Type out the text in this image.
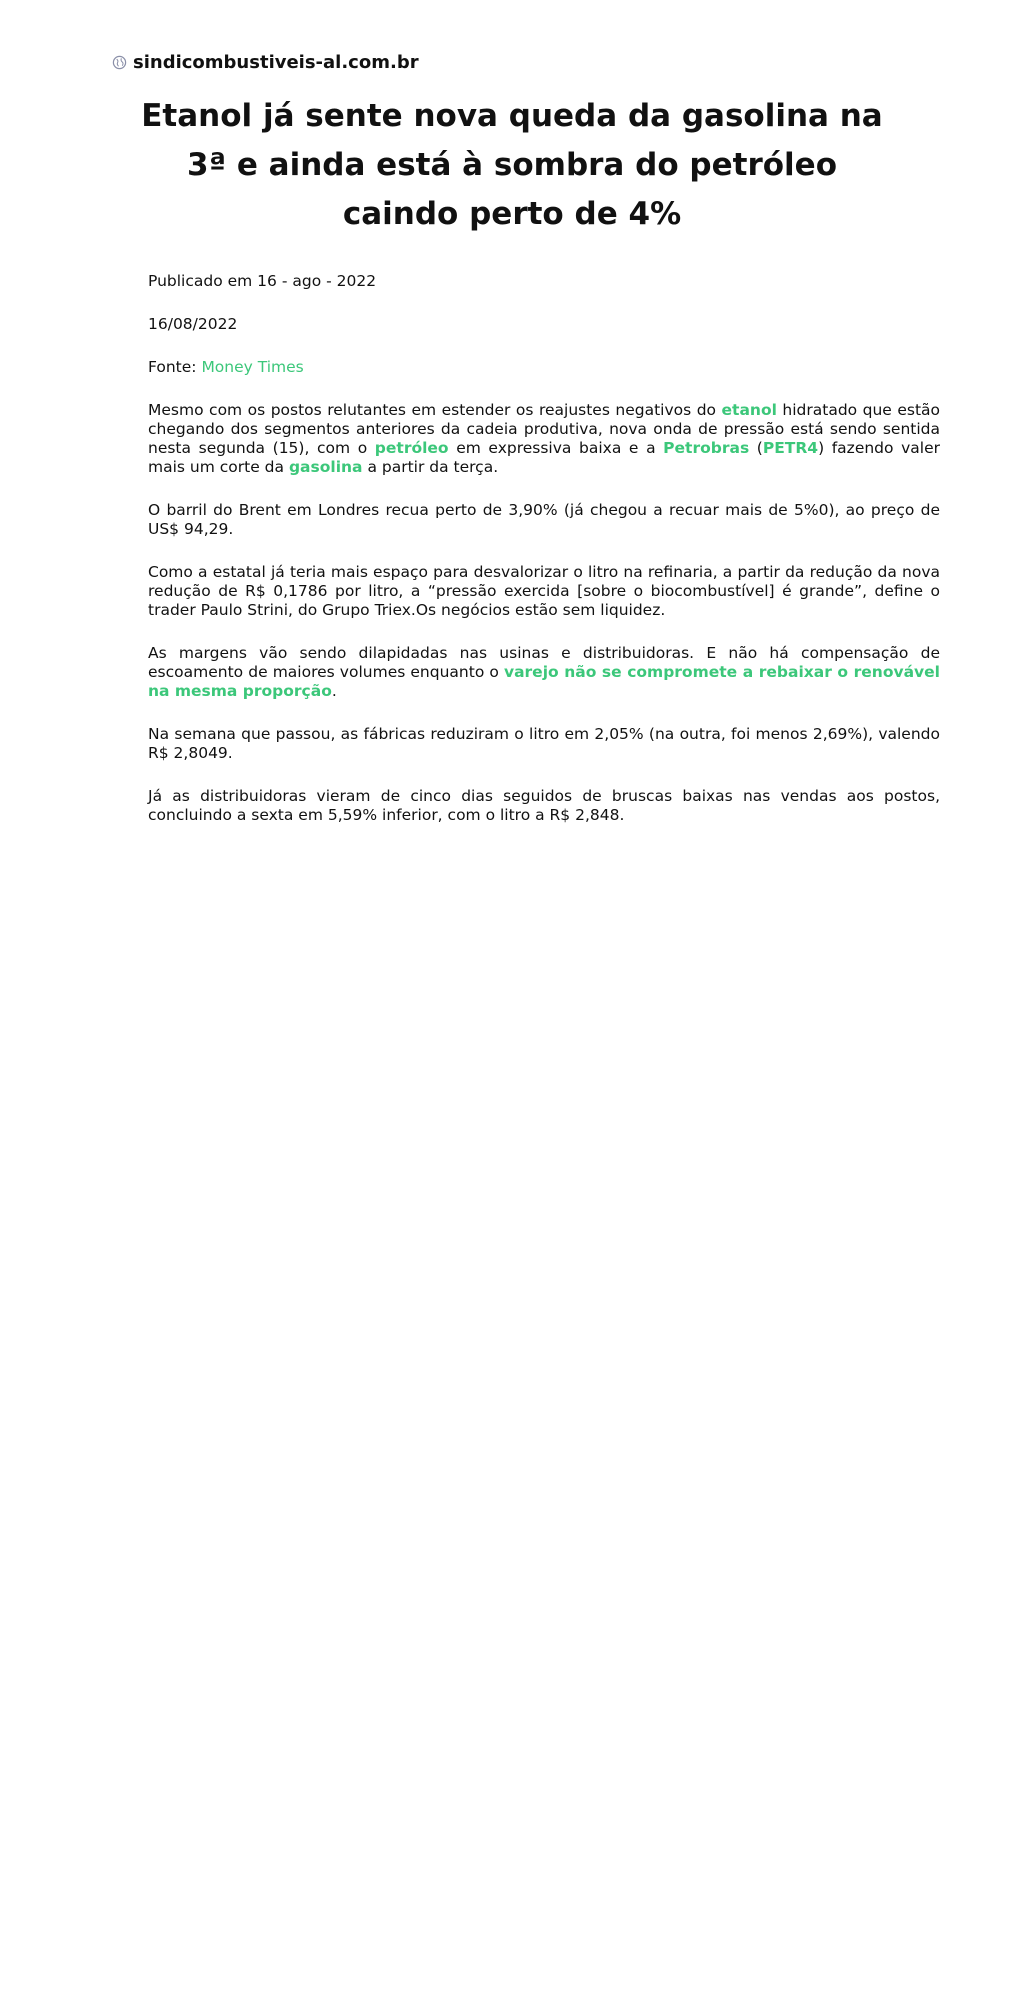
sindicombustiveis-al.com.br
Etanol já sente nova queda da gasolina na 3ª e ainda está à sombra do petróleo caindo perto de 4%

Publicado em 16 - ago - 2022

16/08/2022

Fonte: Money Times

Mesmo com os postos relutantes em estender os reajustes negativos do etanol hidratado que estão chegando dos segmentos anteriores da cadeia produtiva, nova onda de pressão está sendo sentida nesta segunda (15), com o petróleo em expressiva baixa e a Petrobras (PETR4) fazendo valer mais um corte da gasolina a partir da terça.

O barril do Brent em Londres recua perto de 3,90% (já chegou a recuar mais de 5%0), ao preço de US$ 94,29.

Como a estatal já teria mais espaço para desvalorizar o litro na refinaria, a partir da redução da nova redução de R$ 0,1786 por litro, a “pressão exercida [sobre o biocombustível] é grande”, define o trader Paulo Strini, do Grupo Triex.Os negócios estão sem liquidez.

As margens vão sendo dilapidadas nas usinas e distribuidoras. E não há compensação de escoamento de maiores volumes enquanto o varejo não se compromete a rebaixar o renovável na mesma proporção.

Na semana que passou, as fábricas reduziram o litro em 2,05% (na outra, foi menos 2,69%), valendo R$ 2,8049.

Já as distribuidoras vieram de cinco dias seguidos de bruscas baixas nas vendas aos postos, concluindo a sexta em 5,59% inferior, com o litro a R$ 2,848.
